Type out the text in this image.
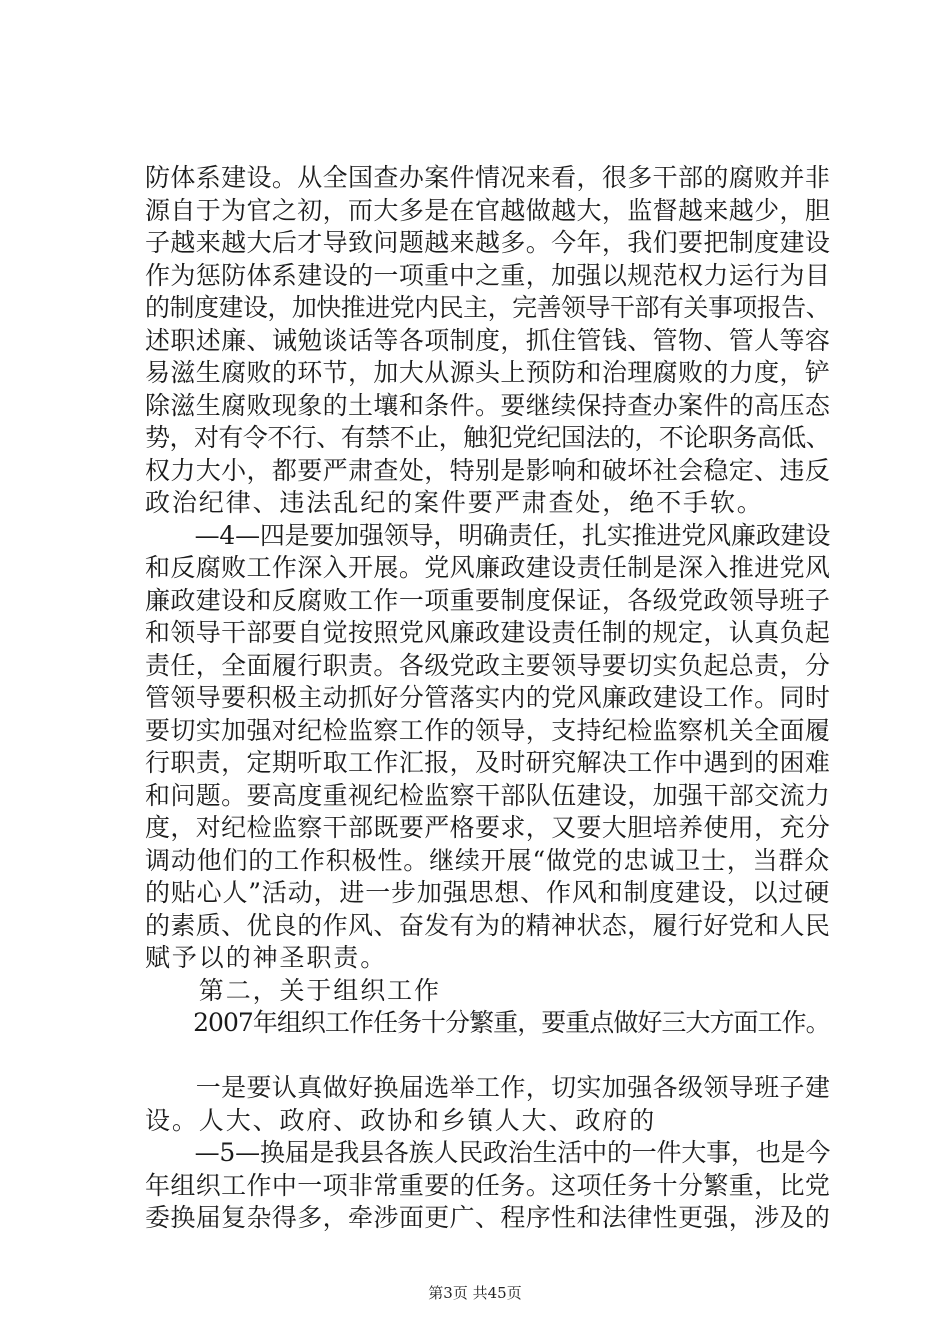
防体系建设。从全国查办案件情况来看，很多干部的腐败并非
源自于为官之初，而大多是在官越做越大，监督越来越少，胆
子越来越大后才导致问题越来越多。今年，我们要把制度建设
作为惩防体系建设的一项重中之重，加强以规范权力运行为目
的制度建设，加快推进党内民主，完善领导干部有关事项报告、
述职述廉、诫勉谈话等各项制度，抓住管钱、管物、管人等容
易滋生腐败的环节，加大从源头上预防和治理腐败的力度，铲
除滋生腐败现象的土壤和条件。要继续保持查办案件的高压态
势，对有令不行、有禁不止，触犯党纪国法的，不论职务高低、
权力大小，都要严肃查处，特别是影响和破坏社会稳定、违反
政治纪律、违法乱纪的案件要严肃查处，绝不手软。
　　—4—四是要加强领导，明确责任，扎实推进党风廉政建设
和反腐败工作深入开展。党风廉政建设责任制是深入推进党风
廉政建设和反腐败工作一项重要制度保证，各级党政领导班子
和领导干部要自觉按照党风廉政建设责任制的规定，认真负起
责任，全面履行职责。各级党政主要领导要切实负起总责，分
管领导要积极主动抓好分管落实内的党风廉政建设工作。同时
要切实加强对纪检监察工作的领导，支持纪检监察机关全面履
行职责，定期听取工作汇报，及时研究解决工作中遇到的困难
和问题。要高度重视纪检监察干部队伍建设，加强干部交流力
度，对纪检监察干部既要严格要求，又要大胆培养使用，充分
调动他们的工作积极性。继续开展“做党的忠诚卫士，当群众
的贴心人”活动，进一步加强思想、作风和制度建设，以过硬
的素质、优良的作风、奋发有为的精神状态，履行好党和人民
赋予以的神圣职责。
　　第二，关于组织工作
　　2007年组织工作任务十分繁重，要重点做好三大方面工作。
　　一是要认真做好换届选举工作，切实加强各级领导班子建
设。人大、政府、政协和乡镇人大、政府的
　　—5—换届是我县各族人民政治生活中的一件大事，也是今
年组织工作中一项非常重要的任务。这项任务十分繁重，比党
委换届复杂得多，牵涉面更广、程序性和法律性更强，涉及的
第3页 共45页
